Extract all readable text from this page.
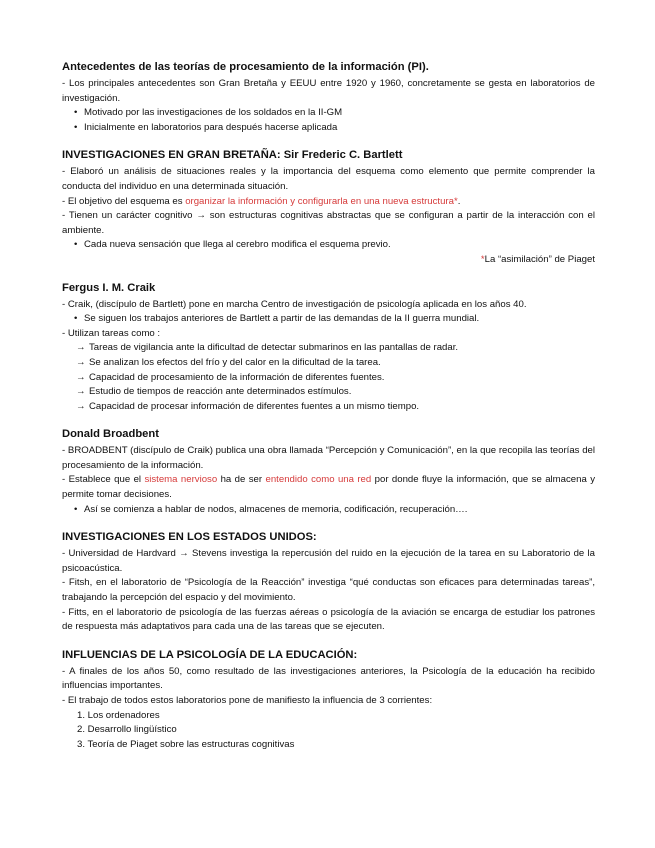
Antecedentes de las teorías de procesamiento de la información (PI).

- Los principales antecedentes son Gran Bretaña y EEUU entre 1920 y 1960, concretamente se gesta en laboratorios de investigación.

• Motivado por las investigaciones de los soldados en la II-GM
• Inicialmente en laboratorios para después hacerse aplicada
INVESTIGACIONES EN GRAN BRETAÑA: Sir Frederic C. Bartlett

- Elaboró un análisis de situaciones reales y la importancia del esquema como elemento que permite comprender la conducta del individuo en una determinada situación.

- El objetivo del esquema es organizar la información y configurarla en una nueva estructura*.

- Tienen un carácter cognitivo → son estructuras cognitivas abstractas que se configuran a partir de la interacción con el ambiente.

• Cada nueva sensación que llega al cerebro modifica el esquema previo.

*La “asimilación” de Piaget

Fergus I. M. Craik

- Craik, (discípulo de Bartlett) pone en marcha Centro de investigación de psicología aplicada en los años 40.

• Se siguen los trabajos anteriores de Bartlett a partir de las demandas de la II guerra mundial.

- Utilizan tareas como :

→ Tareas de vigilancia ante la dificultad de detectar submarinos en las pantallas de radar.
→ Se analizan los efectos del frío y del calor en la dificultad de la tarea.
→ Capacidad de procesamiento de la información de diferentes fuentes.
→ Estudio de tiempos de reacción ante determinados estímulos.
→ Capacidad de procesar información de diferentes fuentes a un mismo tiempo.
Donald Broadbent

- BROADBENT (discípulo de Craik) publica una obra llamada “Percepción y Comunicación”, en la que recopila las teorías del procesamiento de la información.

- Establece que el sistema nervioso ha de ser entendido como una red por donde fluye la información, que se almacena y permite tomar decisiones.

• Así se comienza a hablar de nodos, almacenes de memoria, codificación, recuperación….
INVESTIGACIONES EN LOS ESTADOS UNIDOS:

- Universidad de Hardvard → Stevens investiga la repercusión del ruido en la ejecución de la tarea en su Laboratorio de la psicoacústica.

- Fitsh, en el laboratorio de “Psicología de la Reacción” investiga “qué conductas son eficaces para determinadas tareas”, trabajando la percepción del espacio y del movimiento.

- Fitts, en el laboratorio de psicología de las fuerzas aéreas o psicología de la aviación se encarga de estudiar los patrones de respuesta más adaptativos para cada una de las tareas que se ejecuten.

INFLUENCIAS DE LA PSICOLOGÍA DE LA EDUCACIÓN:

- A finales de los años 50, como resultado de las investigaciones anteriores, la Psicología de la educación ha recibido influencias importantes.

- El trabajo de todos estos laboratorios pone de manifiesto la influencia de 3 corrientes:

1. Los ordenadores
2. Desarrollo lingüístico
3. Teoría de Piaget sobre las estructuras cognitivas
